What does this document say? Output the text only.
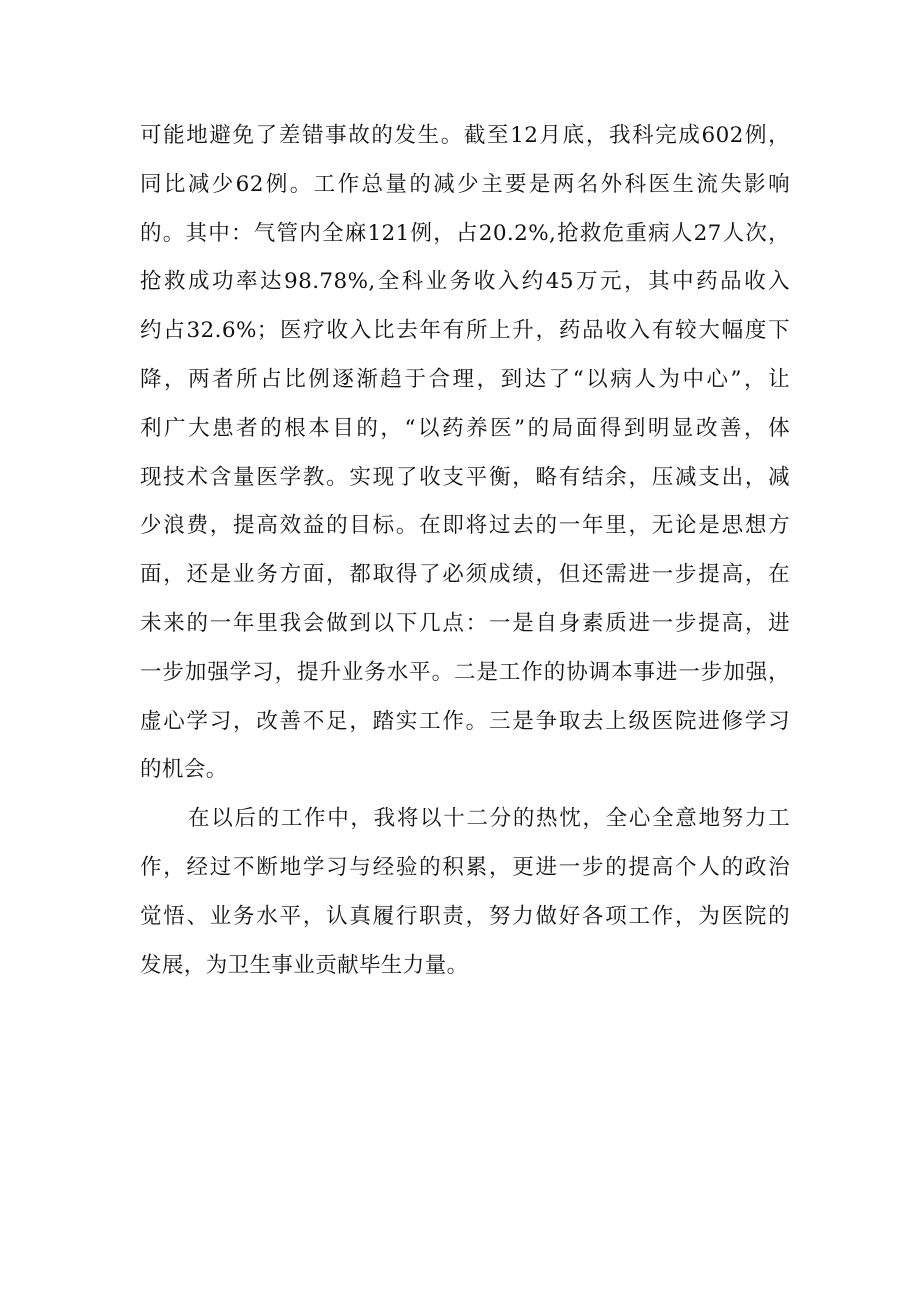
可能地避免了差错事故的发生。截至12月底，我科完成602例，
同比减少62例。工作总量的减少主要是两名外科医生流失影响
的。其中：气管内全麻121例，占20.2%,抢救危重病人27人次，
抢救成功率达98.78%,全科业务收入约45万元，其中药品收入
约占32.6%；医疗收入比去年有所上升，药品收入有较大幅度下
降，两者所占比例逐渐趋于合理，到达了“以病人为中心”，让
利广大患者的根本目的，“以药养医”的局面得到明显改善，体
现技术含量医学教。实现了收支平衡，略有结余，压减支出，减
少浪费，提高效益的目标。在即将过去的一年里，无论是思想方
面，还是业务方面，都取得了必须成绩，但还需进一步提高，在
未来的一年里我会做到以下几点：一是自身素质进一步提高，进
一步加强学习，提升业务水平。二是工作的协调本事进一步加强，
虚心学习，改善不足，踏实工作。三是争取去上级医院进修学习
的机会。
在以后的工作中，我将以十二分的热忱，全心全意地努力工
作，经过不断地学习与经验的积累，更进一步的提高个人的政治
觉悟、业务水平，认真履行职责，努力做好各项工作，为医院的
发展，为卫生事业贡献毕生力量。
